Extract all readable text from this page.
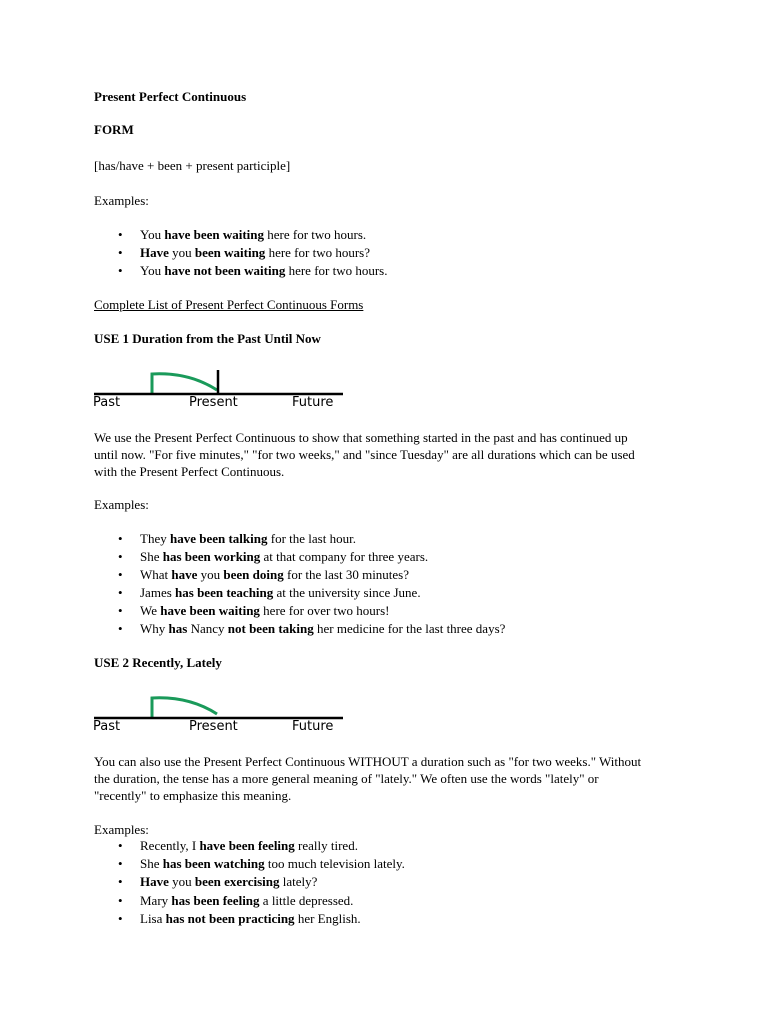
Present Perfect Continuous
FORM
[has/have + been + present participle]
Examples:
• You have been waiting here for two hours.
• Have you been waiting here for two hours?
• You have not been waiting here for two hours.
Complete List of Present Perfect Continuous Forms
USE 1 Duration from the Past Until Now
Past	Present	Future
We use the Present Perfect Continuous to show that something started in the past and has continued up until now. "For five minutes," "for two weeks," and "since Tuesday" are all durations which can be used with the Present Perfect Continuous.
Examples:
• They have been talking for the last hour.
• She has been working at that company for three years.
• What have you been doing for the last 30 minutes?
• James has been teaching at the university since June.
• We have been waiting here for over two hours!
• Why has Nancy not been taking her medicine for the last three days?
USE 2 Recently, Lately
Past	Present	Future
You can also use the Present Perfect Continuous WITHOUT a duration such as "for two weeks." Without the duration, the tense has a more general meaning of "lately." We often use the words "lately" or "recently" to emphasize this meaning.
Examples:
• Recently, I have been feeling really tired.
• She has been watching too much television lately.
• Have you been exercising lately?
• Mary has been feeling a little depressed.
• Lisa has not been practicing her English.
